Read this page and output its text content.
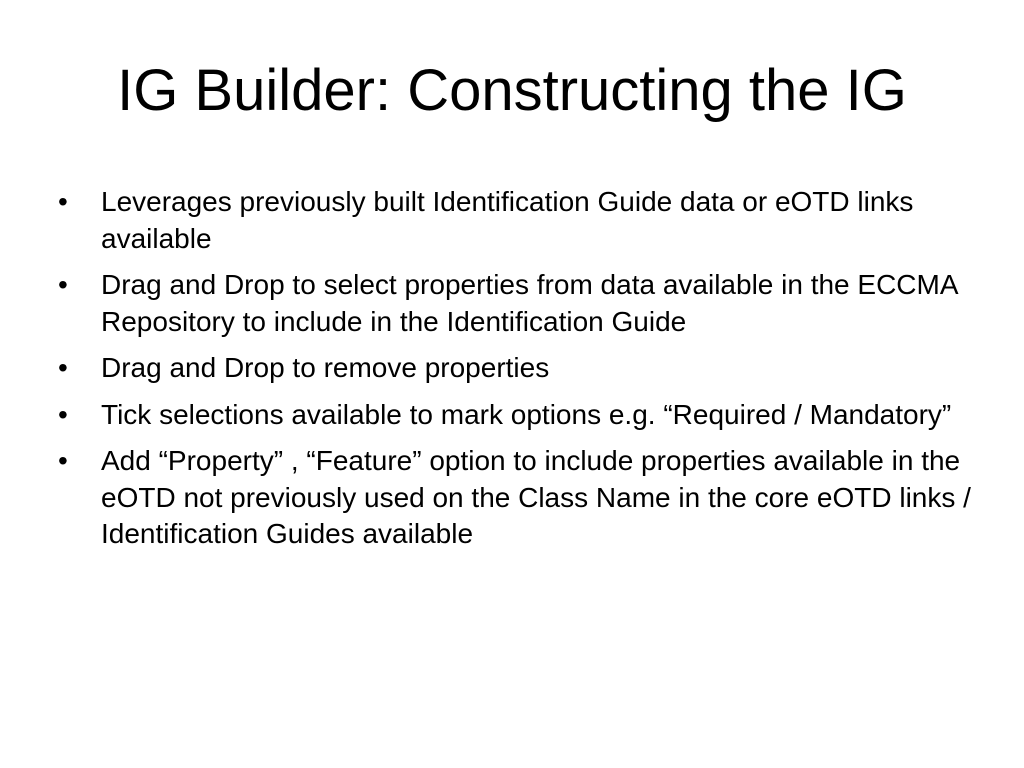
IG Builder: Constructing the IG
•	Leverages previously built Identification Guide data or eOTD links available
•	Drag and Drop to select properties from data available in the ECCMA Repository to include in the Identification Guide
•	Drag and Drop to remove properties
•	Tick selections available to mark options e.g. “Required / Mandatory”
•	Add “Property” , “Feature” option to include properties available in the eOTD not previously used on the Class Name in the core eOTD links / Identification Guides available
